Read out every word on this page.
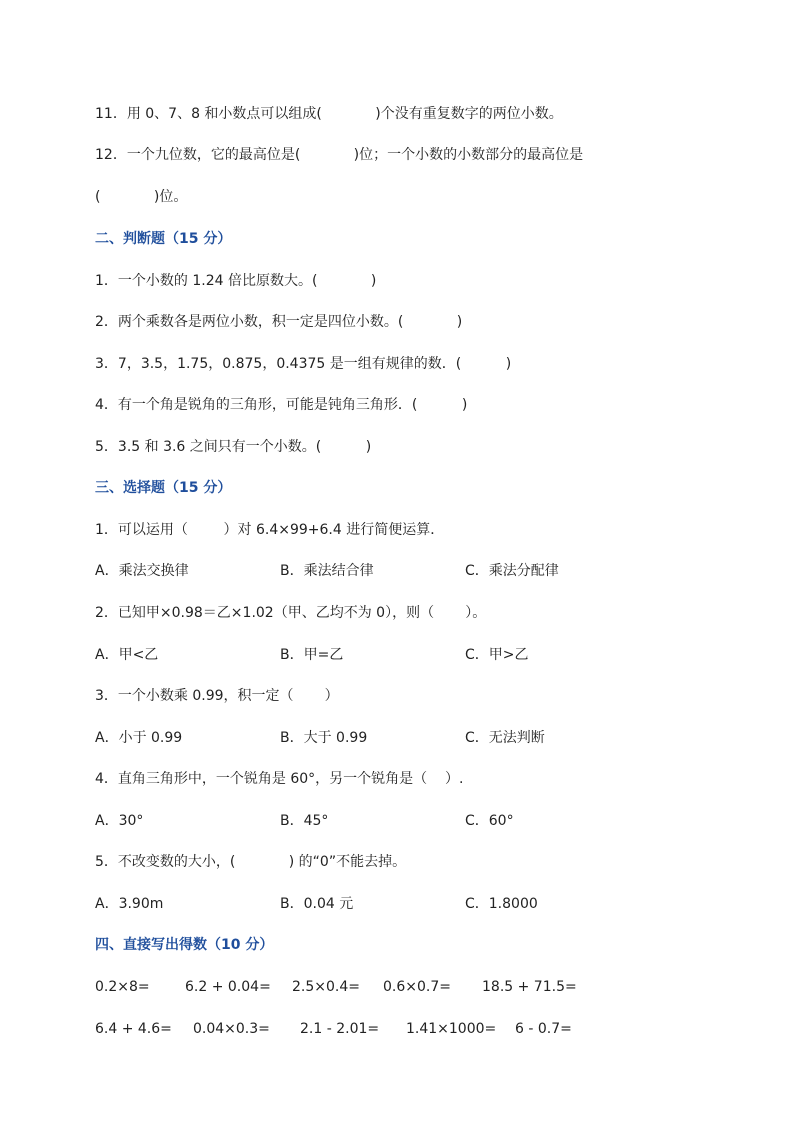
11．用 0、7、8 和小数点可以组成(            )个没有重复数字的两位小数。
12．一个九位数，它的最高位是(            )位；一个小数的小数部分的最高位是
(            )位。
二、判断题（15 分）
1．一个小数的 1.24 倍比原数大。(            )
2．两个乘数各是两位小数，积一定是四位小数。(            )
3．7，3.5，1.75，0.875，0.4375 是一组有规律的数．(          )
4．有一个角是锐角的三角形，可能是钝角三角形．(          )
5．3.5 和 3.6 之间只有一个小数。(          )
三、选择题（15 分）
1．可以运用（        ）对 6.4×99+6.4 进行简便运算．
A．乘法交换律	B．乘法结合律	C．乘法分配律
2．已知甲×0.98＝乙×1.02（甲、乙均不为 0），则（       ）。
A．甲<乙	B．甲=乙	C．甲>乙
3．一个小数乘 0.99，积一定（       ）
A．小于 0.99	B．大于 0.99	C．无法判断
4．直角三角形中，一个锐角是 60°，另一个锐角是（    ）.
A．30°	B．45°	C．60°
5．不改变数的大小，(            ) 的“0”不能去掉。
A．3.90m	B．0.04 元	C．1.8000
四、直接写出得数（10 分）
0.2×8=	6.2 + 0.04= 2.5×0.4= 0.6×0.7= 18.5 + 71.5=
6.4 + 4.6= 0.04×0.3= 2.1 - 2.01= 1.41×1000= 6 - 0.7=
